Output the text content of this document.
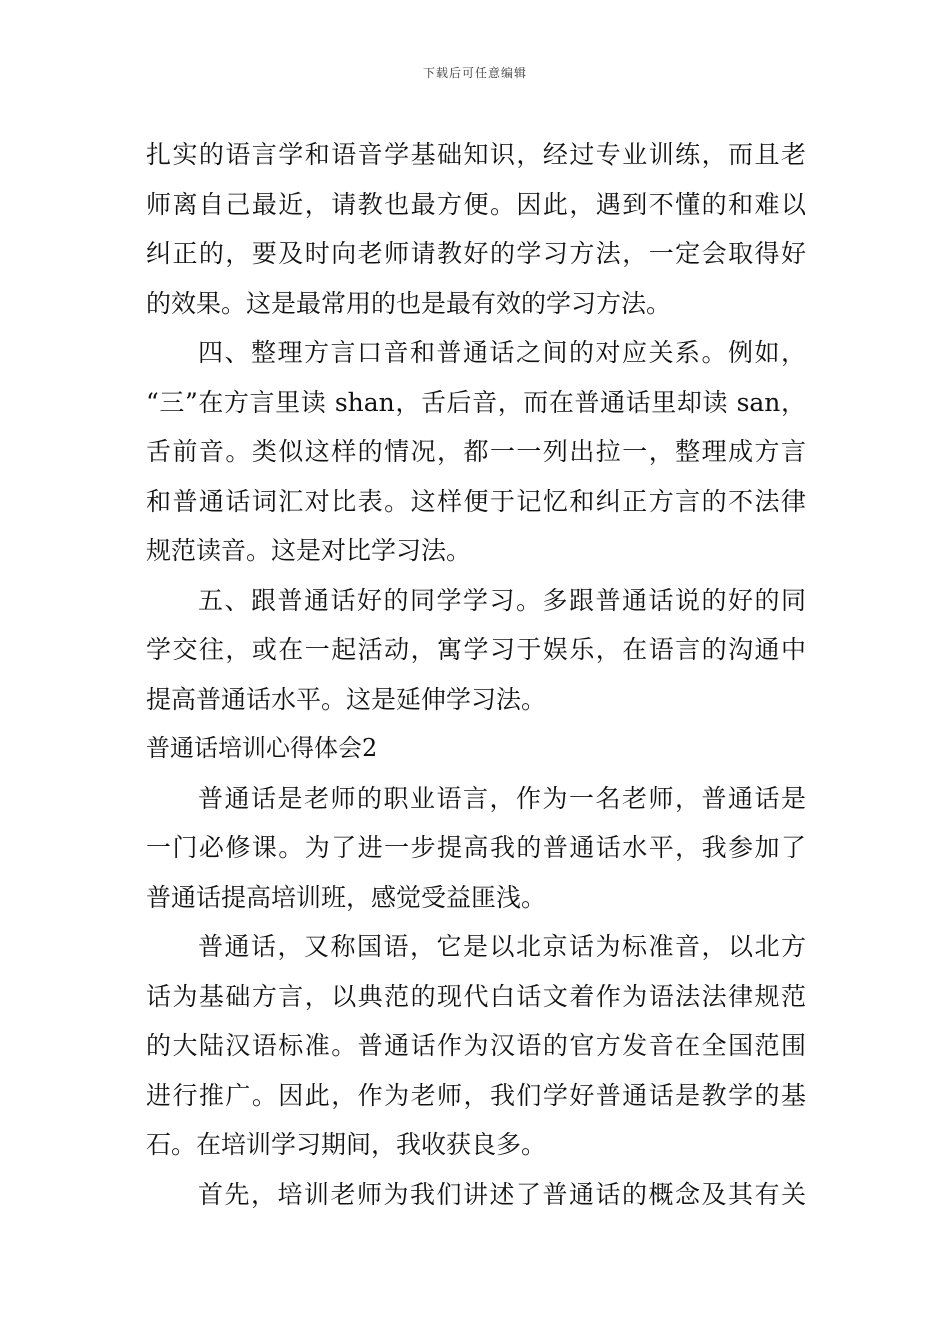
下载后可任意编辑
扎实的语言学和语音学基础知识，经过专业训练，而且老
师离自己最近，请教也最方便。因此，遇到不懂的和难以
纠正的，要及时向老师请教好的学习方法，一定会取得好
的效果。这是最常用的也是最有效的学习方法。
四、整理方言口音和普通话之间的对应关系。例如，
“三”在方言里读 shan，舌后音，而在普通话里却读 san，
舌前音。类似这样的情况，都一一列出拉一，整理成方言
和普通话词汇对比表。这样便于记忆和纠正方言的不法律
规范读音。这是对比学习法。
五、跟普通话好的同学学习。多跟普通话说的好的同
学交往，或在一起活动，寓学习于娱乐，在语言的沟通中
提高普通话水平。这是延伸学习法。
普通话培训心得体会2
普通话是老师的职业语言，作为一名老师，普通话是
一门必修课。为了进一步提高我的普通话水平，我参加了
普通话提高培训班，感觉受益匪浅。
普通话，又称国语，它是以北京话为标准音，以北方
话为基础方言，以典范的现代白话文着作为语法法律规范
的大陆汉语标准。普通话作为汉语的官方发音在全国范围
进行推广。因此，作为老师，我们学好普通话是教学的基
石。在培训学习期间，我收获良多。
首先，培训老师为我们讲述了普通话的概念及其有关
